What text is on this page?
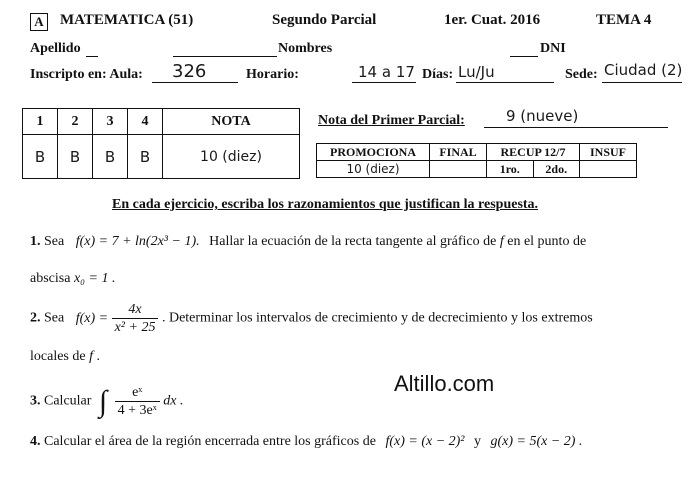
A MATEMATICA (51)	Segundo Parcial	1er. Cuat. 2016	TEMA 4
Apellido	Nombres	DNI
Inscripto en: Aula: 326	Horario:	14 a 17 Días: Lu/Ju	Sede: Ciudad (2)
1	2	3	4	NOTA
B	B	B	B	10 (diez)
Nota del Primer Parcial:	9 (nueve)
PROMOCIONA	FINAL	RECUP 12/7		INSUF
10 (diez)		1ro.	2do.	
En cada ejercicio, escriba los razonamientos que justifican la respuesta.
1. Sea f(x) = 7 + ln(2x³ − 1). Hallar la ecuación de la recta tangente al gráfico de f en el punto de
abscisa x₀ = 1 .
2. Sea $f(x) = \frac{4x}{\text{x² + 25}}$ . Determinar los intervalos de crecimiento y de decrecimiento y los extremos
locales de f .
Altillo.com
3. Calcular ∫ $\frac{\text{eˣ}}{\text{4 + 3eˣ}}$ dx .
4. Calcular el área de la región encerrada entre los gráficos de f(x) = (x − 2)² y g(x) = 5(x − 2) .
